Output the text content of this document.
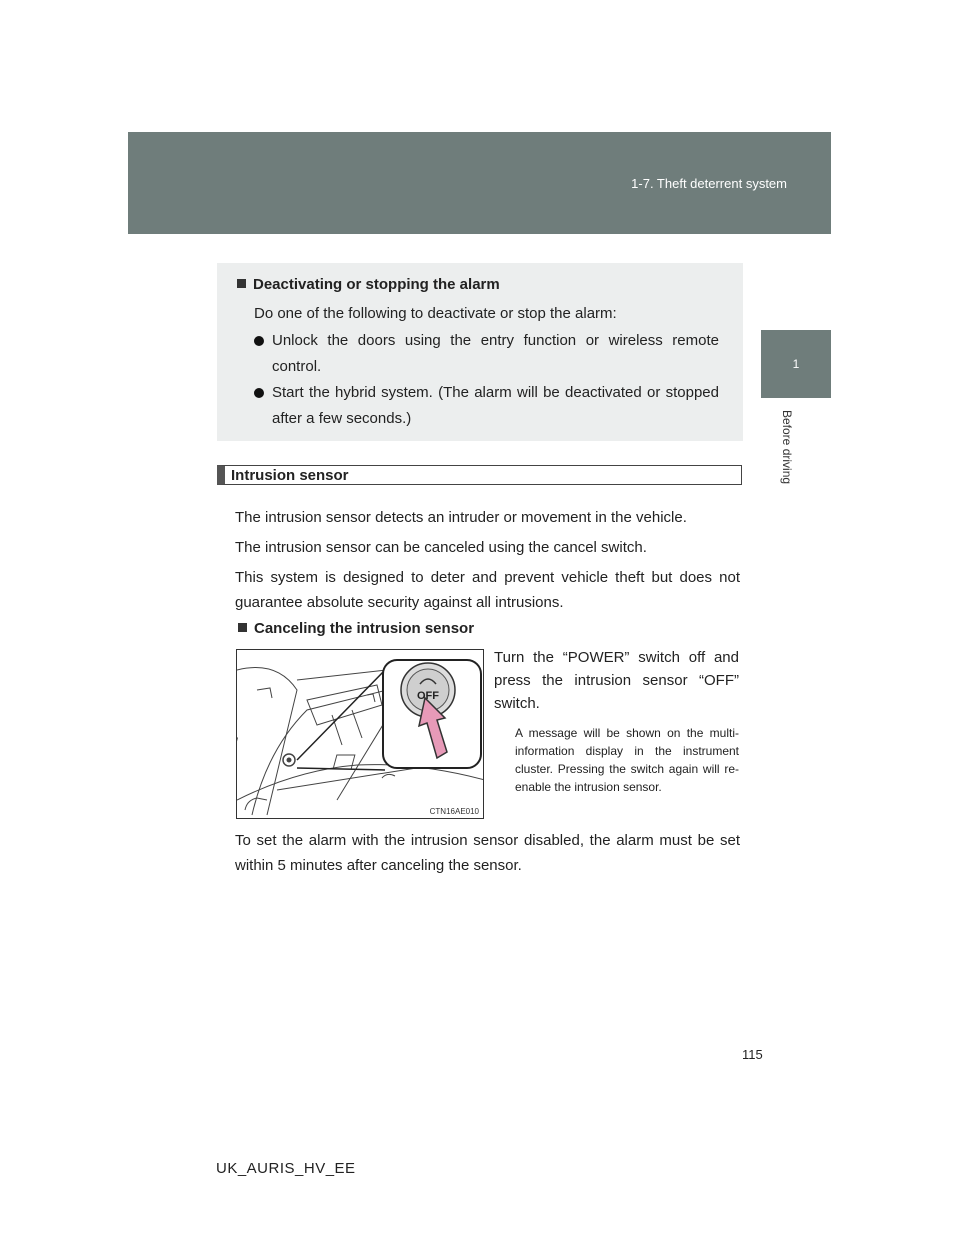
1-7. Theft deterrent system
1
Before driving
Deactivating or stopping the alarm
Do one of the following to deactivate or stop the alarm:
Unlock the doors using the entry function or wireless remote control.
Start the hybrid system. (The alarm will be deactivated or stopped after a few seconds.)
Intrusion sensor
The intrusion sensor detects an intruder or movement in the vehicle.
The intrusion sensor can be canceled using the cancel switch.
This system is designed to deter and prevent vehicle theft but does not guarantee absolute security against all intrusions.
Canceling the intrusion sensor
OFF
CTN16AE010
Turn the “POWER” switch off and press the intrusion sensor “OFF” switch.
A message will be shown on the multi-information display in the instrument cluster. Pressing the switch again will re-enable the intrusion sensor.
To set the alarm with the intrusion sensor disabled, the alarm must be set within 5 minutes after canceling the sensor.
115
UK_AURIS_HV_EE
